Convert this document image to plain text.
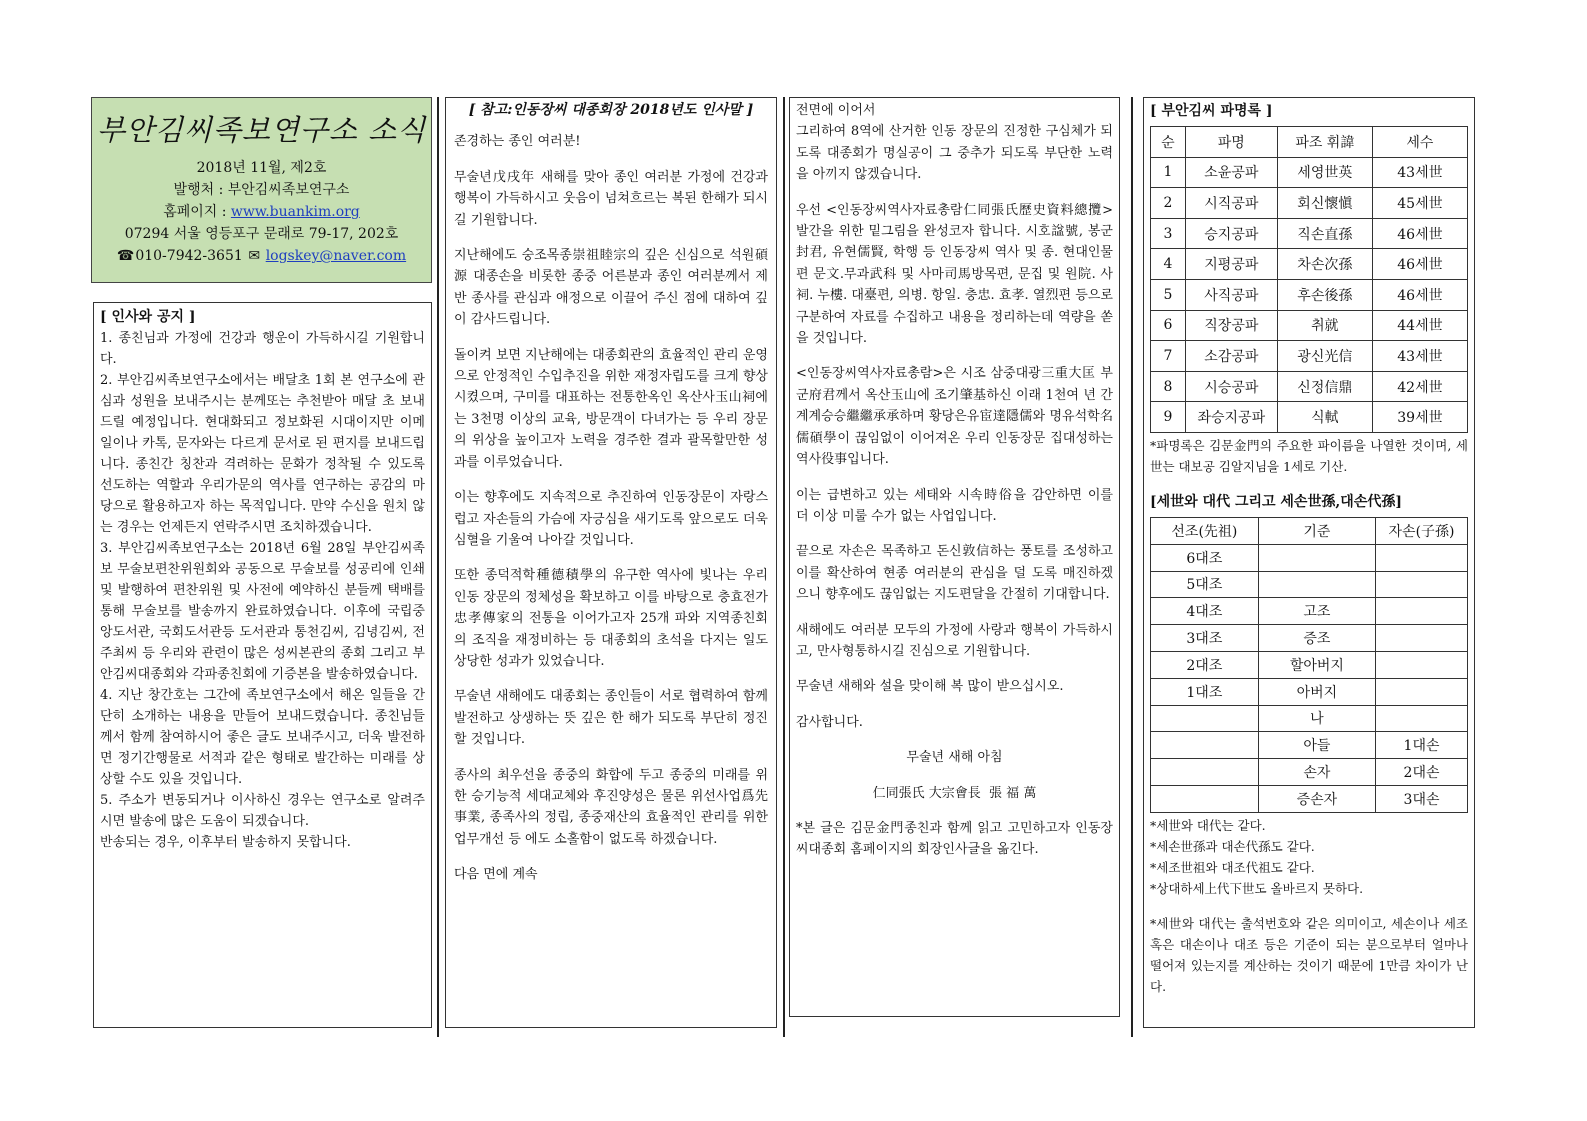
부안김씨족보연구소 소식
2018년 11월, 제2호
발행처 : 부안김씨족보연구소
홈페이지 : www.buankim.org
07294 서울 영등포구 문래로 79-17, 202호
☎ 010-7942-3651 ✉ logskey@naver.com
[ 인사와 공지 ]

1. 종친님과 가정에 건강과 행운이 가득하시길 기원합니다.

2. 부안김씨족보연구소에서는 배달초 1회 본 연구소에 관심과 성원을 보내주시는 분께또는 추천받아 매달 초 보내드릴 예정입니다. 현대화되고 정보화된 시대이지만 이메일이나 카톡, 문자와는 다르게 문서로 된 편지를 보내드립니다. 종친간 칭찬과 격려하는 문화가 정착될 수 있도록 선도하는 역할과 우리가문의 역사를 연구하는 공감의 마당으로 활용하고자 하는 목적입니다. 만약 수신을 원치 않는 경우는 언제든지 연락주시면 조치하겠습니다.

3. 부안김씨족보연구소는 2018년 6월 28일 부안김씨족보 무술보편찬위원회와 공동으로 무술보를 성공리에 인쇄 및 발행하여 편찬위원 및 사전에 예약하신 분들께 택배를 통해 무술보를 발송까지 완료하였습니다. 이후에 국립중앙도서관, 국회도서관등 도서관과 통천김씨, 김녕김씨, 전주최씨 등 우리와 관련이 많은 성씨본관의 종회 그리고 부안김씨대종회와 각파종친회에 기증본을 발송하였습니다.

4. 지난 창간호는 그간에 족보연구소에서 해온 일들을 간단히 소개하는 내용을 만들어 보내드렸습니다. 종친님들께서 함께 참여하시어 좋은 글도 보내주시고, 더욱 발전하면 정기간행물로 서적과 같은 형태로 발간하는 미래를 상상할 수도 있을 것입니다.

5. 주소가 변동되거나 이사하신 경우는 연구소로 알려주시면 발송에 많은 도움이 되겠습니다.

반송되는 경우, 이후부터 발송하지 못합니다.

[ 참고:인동장씨 대종회장 2018년도 인사말 ]

존경하는 종인 여러분!

무술년戊戌年 새해를 맞아 종인 여러분 가정에 건강과 행복이 가득하시고 웃음이 넘쳐흐르는 복된 한해가 되시길 기원합니다.

지난해에도 숭조목종崇祖睦宗의 깊은 신심으로 석원碩源 대종손을 비롯한 종중 어른분과 종인 여러분께서 제반 종사를 관심과 애정으로 이끌어 주신 점에 대하여 깊이 감사드립니다.

돌이켜 보면 지난해에는 대종회관의 효율적인 관리 운영으로 안정적인 수입추진을 위한 재정자립도를 크게 향상시켰으며, 구미를 대표하는 전통한옥인 옥산사玉山祠에는 3천명 이상의 교육, 방문객이 다녀가는 등 우리 장문의 위상을 높이고자 노력을 경주한 결과 괄목할만한 성과를 이루었습니다.

이는 향후에도 지속적으로 추진하여 인동장문이 자랑스럽고 자손들의 가슴에 자긍심을 새기도록 앞으로도 더욱 심혈을 기울여 나아갈 것입니다.

또한 종덕적학種德積學의 유구한 역사에 빛나는 우리 인동 장문의 정체성을 확보하고 이를 바탕으로 충효전가忠孝傳家의 전통을 이어가고자 25개 파와 지역종친회의 조직을 재정비하는 등 대종회의 초석을 다지는 일도 상당한 성과가 있었습니다.

무술년 새해에도 대종회는 종인들이 서로 협력하여 함께 발전하고 상생하는 뜻 깊은 한 해가 되도록 부단히 정진할 것입니다.

종사의 최우선을 종중의 화합에 두고 종중의 미래를 위한 승기능적 세대교체와 후진양성은 물론 위선사업爲先事業, 종족사의 정립, 종중재산의 효율적인 관리를 위한 업무개선 등 에도 소홀함이 없도록 하겠습니다.

다음 면에 계속

전면에 이어서

그리하여 8역에 산거한 인동 장문의 진정한 구심체가 되도록 대종회가 명실공이 그 중추가 되도록 부단한 노력을 아끼지 않겠습니다.

우선 <인동장씨역사자료총람仁同張氏歷史資料總攬> 발간을 위한 밑그림을 완성코자 합니다. 시호諡號, 봉군封君, 유현儒賢, 학행 등 인동장씨 역사 및 종. 현대인물편 문文.무과武科 및 사마司馬방목편, 문집 및 원院. 사祠. 누樓. 대臺편, 의병. 항일. 충忠. 효孝. 열烈편 등으로 구분하여 자료를 수집하고 내용을 정리하는데 역량을 쏟을 것입니다.

<인동장씨역사자료총람>은 시조 삼중대광三重大匡 부군府君께서 옥산玉山에 조기肇基하신 이래 1천여 년 간 계계승승繼繼承承하며 황당은유宦達隱儒와 명유석학名儒碩學이 끊임없이 이어져온 우리 인동장문 집대성하는 역사役事입니다.

이는 급변하고 있는 세태와 시속時俗을 감안하면 이를 더 이상 미룰 수가 없는 사업입니다.

끝으로 자손은 목족하고 돈신敦信하는 풍토를 조성하고 이를 확산하여 현종 여러분의 관심을 덜 도록 매진하겠으니 향후에도 끊임없는 지도편달을 간절히 기대합니다.

새해에도 여러분 모두의 가정에 사랑과 행복이 가득하시고, 만사형통하시길 진심으로 기원합니다.

무술년 새해와 설을 맞이해 복 많이 받으십시오.

감사합니다.

무술년 새해 아침

仁同張氏 大宗會長  張 福 萬

*본 글은 김문金門종친과 함께 읽고 고민하고자 인동장씨대종회 홈페이지의 회장인사글을 옮긴다.

[ 부안김씨 파명록 ]
순	파명	파조 휘諱	세수
1	소윤공파	세영世英	43세世
2	시직공파	회신懷愼	45세世
3	승지공파	직손直孫	46세世
4	지평공파	차손次孫	46세世
5	사직공파	후손後孫	46세世
6	직장공파	취就	44세世
7	소감공파	광신光信	43세世
8	시승공파	신정信鼎	42세世
9	좌승지공파	식軾	39세世

*파명록은 김문金門의 주요한 파이름을 나열한 것이며, 세世는 대보공 김알지님을 1세로 기산.

[세世와 대代 그리고 세손世孫,대손代孫]
선조(先祖)	기준	자손(子孫)
6대조		
5대조		
4대조	고조	
3대조	증조	
2대조	할아버지	
1대조	아버지	
	나	
	아들	1대손
	손자	2대손
	증손자	3대손

*세世와 대代는 같다.

*세손世孫과 대손代孫도 같다.

*세조世祖와 대조代祖도 같다.

*상대하세上代下世도 올바르지 못하다.

*세世와 대代는 출석번호와 같은 의미이고, 세손이나 세조 혹은 대손이나 대조 등은 기준이 되는 분으로부터 얼마나 떨어져 있는지를 계산하는 것이기 때문에 1만큼 차이가 난다.
